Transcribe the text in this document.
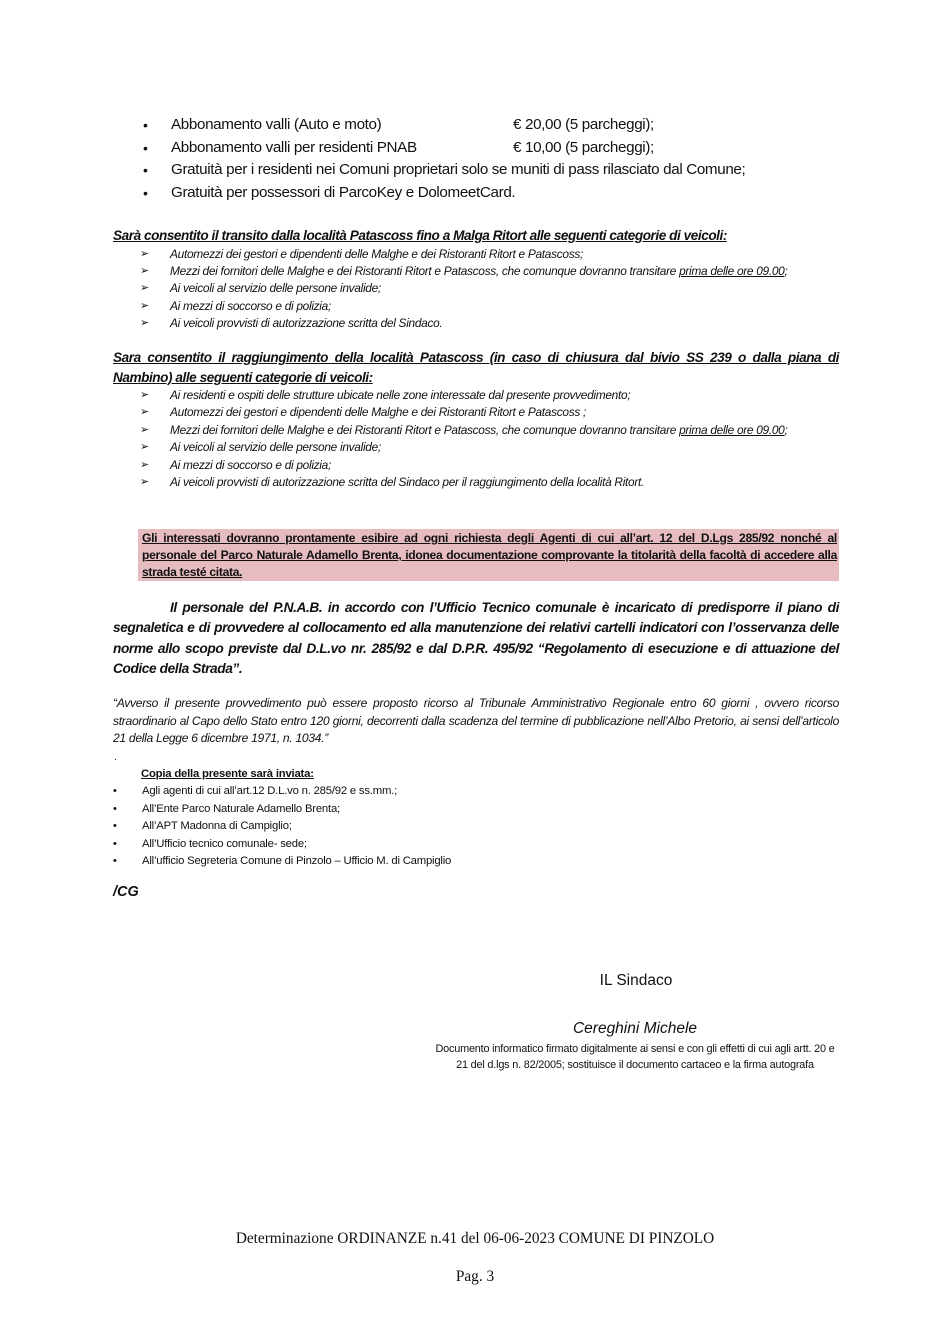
• Abbonamento valli (Auto e moto)	€ 20,00 (5 parcheggi);
• Abbonamento valli per residenti PNAB	€ 10,00 (5 parcheggi);
• Gratuità per i residenti nei Comuni proprietari solo se muniti di pass rilasciato dal Comune;
• Gratuità per possessori di ParcoKey e DolomeetCard.
Sarà consentito il transito dalla località Patascoss fino a Malga Ritort alle seguenti categorie di veicoli:
➢ Automezzi dei gestori e dipendenti delle Malghe e dei Ristoranti Ritort e Patascoss;
➢ Mezzi dei fornitori delle Malghe e dei Ristoranti Ritort e Patascoss, che comunque dovranno transitare prima delle ore 09.00;
➢ Ai veicoli al servizio delle persone invalide;
➢ Ai mezzi di soccorso e di polizia;
➢ Ai veicoli provvisti di autorizzazione scritta del Sindaco.
Sara consentito il raggiungimento della località Patascoss (in caso di chiusura dal bivio SS 239 o dalla piana di Nambino) alle seguenti categorie di veicoli:
➢ Ai residenti e ospiti delle strutture ubicate nelle zone interessate dal presente provvedimento;
➢ Automezzi dei gestori e dipendenti delle Malghe e dei Ristoranti Ritort e Patascoss ;
➢ Mezzi dei fornitori delle Malghe e dei Ristoranti Ritort e Patascoss, che comunque dovranno transitare prima delle ore 09.00;
➢ Ai veicoli al servizio delle persone invalide;
➢ Ai mezzi di soccorso e di polizia;
➢ Ai veicoli provvisti di autorizzazione scritta del Sindaco per il raggiungimento della località Ritort.
Gli interessati dovranno prontamente esibire ad ogni richiesta degli Agenti di cui all’art. 12 del D.Lgs 285/92 nonché al personale del Parco Naturale Adamello Brenta, idonea documentazione comprovante la titolarità della facoltà di accedere alla strada testé citata.
Il personale del P.N.A.B. in accordo con l’Ufficio Tecnico comunale è incaricato di predisporre il piano di segnaletica e di provvedere al collocamento ed alla manutenzione dei relativi cartelli indicatori con l’osservanza delle norme allo scopo previste dal D.L.vo nr. 285/92 e dal D.P.R. 495/92 “Regolamento di esecuzione e di attuazione del Codice della Strada”.
“Avverso il presente provvedimento può essere proposto ricorso al Tribunale Amministrativo Regionale entro 60 giorni , ovvero ricorso straordinario al Capo dello Stato entro 120 giorni, decorrenti dalla scadenza del termine di pubblicazione nell’Albo Pretorio, ai sensi dell’articolo 21 della Legge 6 dicembre 1971, n. 1034.”
.
Copia della presente sarà inviata:
• Agli agenti di cui all’art.12 D.L.vo n. 285/92 e ss.mm.;
• All’Ente Parco Naturale Adamello Brenta;
• All’APT Madonna di Campiglio;
• All’Ufficio tecnico comunale- sede;
• All’ufficio Segreteria Comune di Pinzolo – Ufficio M. di Campiglio
/CG
IL Sindaco
Cereghini Michele
Documento informatico firmato digitalmente ai sensi e con gli effetti di cui agli artt. 20 e 21 del d.lgs n. 82/2005; sostituisce il documento cartaceo e la firma autografa
Determinazione ORDINANZE n.41 del 06-06-2023 COMUNE DI PINZOLO
Pag. 3
